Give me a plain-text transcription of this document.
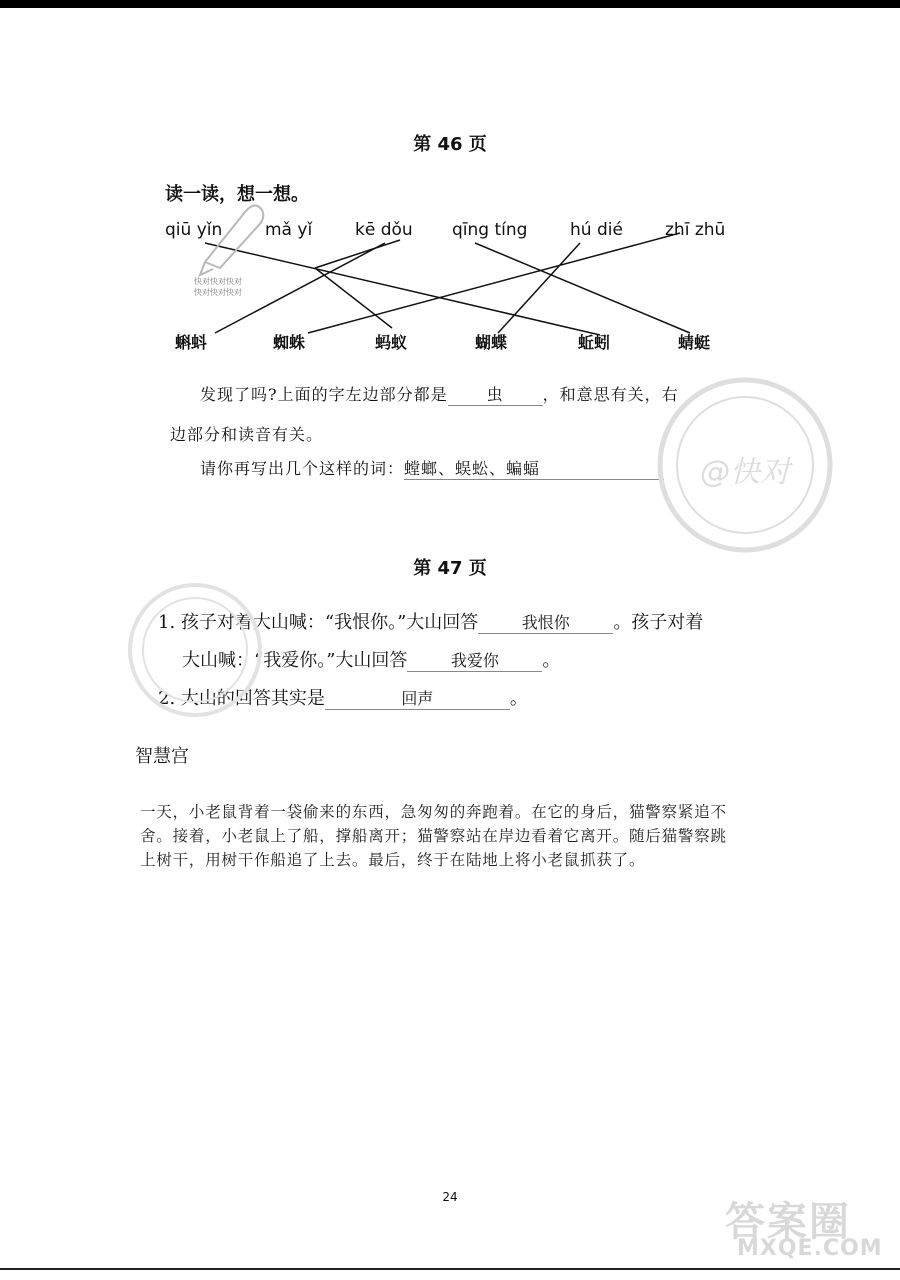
第 46 页
读一读，想一想。
qiū yǐn	mǎ yǐ	kē dǒu qīng tíng	hú dié zhī zhū
快对快对快对
快对快对快对
蝌蚪	蜘蛛	蚂蚁	蝴蝶	蚯蚓	蜻蜓
发现了吗?上面的字左边部分都是 虫 ，和意思有关，右
边部分和读音有关。
请你再写出几个这样的词：螳螂、蜈蚣、蝙蝠	@快对
第 47 页
1. 孩子对着大山喊：“我恨你。”大山回答	我恨你 。孩子对着
大山喊：“我爱你。”大山回答	我爱你 。
2. 大山的回答其实是	回声	。
智慧宫
一天，小老鼠背着一袋偷来的东西，急匆匆的奔跑着。在它的身后，猫警察紧追不舍。接着，小老鼠上了船，撑船离开；猫警察站在岸边看着它离开。随后猫警察跳上树干，用树干作船追了上去。最后，终于在陆地上将小老鼠抓获了。
24
答案圈
MXQE.COM
